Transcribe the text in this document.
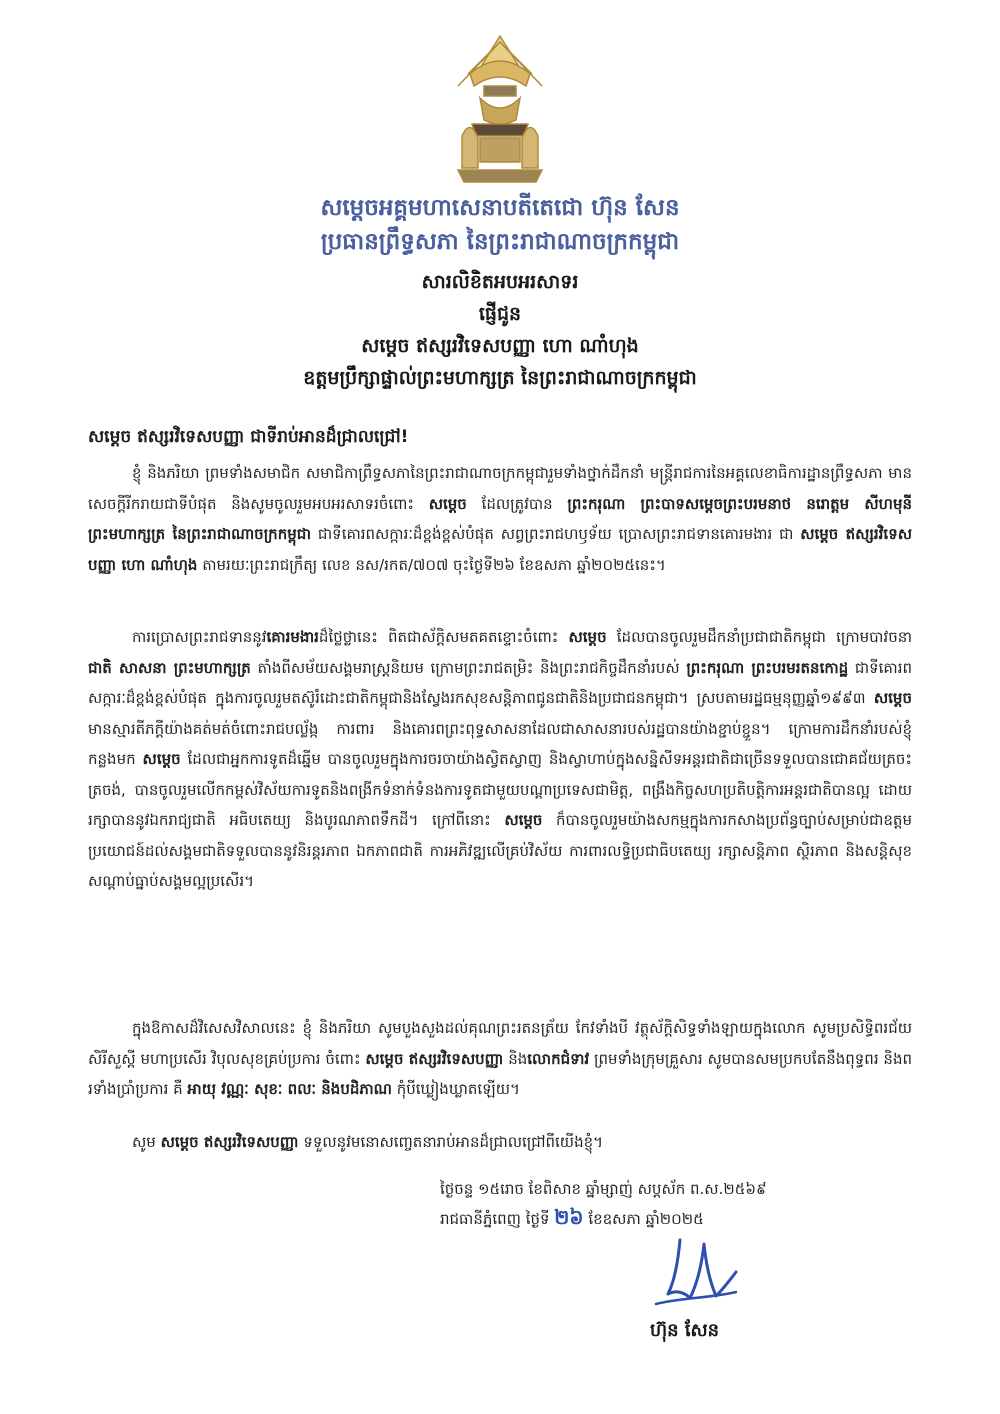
សម្ដេចអគ្គមហាសេនាបតីតេជោ ហ៊ុន សែន
ប្រធានព្រឹទ្ធសភា នៃព្រះរាជាណាចក្រកម្ពុជា
សារលិខិតអបអរសាទរ
ផ្ញើជូន
សម្ដេច ឥស្សរវិទេសបញ្ញា ហោ ណាំហុង
ឧត្តមប្រឹក្សាផ្ទាល់ព្រះមហាក្សត្រ នៃព្រះរាជាណាចក្រកម្ពុជា
សម្ដេច ឥស្សរវិទេសបញ្ញា ជាទីរាប់អានដ៏ជ្រាលជ្រៅ!
ខ្ញុំ និងភរិយា ព្រមទាំងសមាជិក សមាជិកាព្រឹទ្ធសភានៃព្រះរាជាណាចក្រកម្ពុជារួមទាំងថ្នាក់ដឹកនាំ មន្ត្រីរាជការនៃអគ្គលេខាធិការដ្ឋានព្រឹទ្ធសភា មានសេចក្ដីរីករាយជាទីបំផុត និងសូមចូលរួមអបអរសាទរចំពោះ សម្ដេច ដែលត្រូវបាន ព្រះករុណា ព្រះបាទសម្ដេចព្រះបរមនាថ នរោត្តម សីហមុនី ព្រះមហាក្សត្រ នៃព្រះរាជាណាចក្រកម្ពុជា ជាទីគោរពសក្ការៈដ៏ខ្ពង់ខ្ពស់បំផុត សព្វព្រះរាជហឫទ័យ ប្រោសព្រះរាជទានគោរមងារ ជា សម្ដេច ឥស្សរវិទេសបញ្ញា ហោ ណាំហុង តាមរយៈព្រះរាជក្រឹត្យ លេខ នស/រកត/៧០៧ ចុះថ្ងៃទី២៦ ខែឧសភា ឆ្នាំ២០២៥នេះ។
ការប្រោសព្រះរាជទាននូវគោរមងារដ៏ថ្លៃថ្លានេះ ពិតជាស័ក្តិសមតគតខ្ទោះចំពោះ សម្ដេច ដែលបានចូលរួមដឹកនាំប្រជាជាតិកម្ពុជា ក្រោមបាវចនា ជាតិ សាសនា ព្រះមហាក្សត្រ តាំងពីសម័យសង្គមរាស្ត្រនិយម ក្រោមព្រះរាជតម្រិះ និងព្រះរាជកិច្ចដឹកនាំរបស់ ព្រះករុណា ព្រះបរមរតនកោដ្ឋ ជាទីគោរពសក្ការៈដ៏ខ្ពង់ខ្ពស់បំផុត ក្នុងការចូលរួមតស៊ូរំដោះជាតិកម្ពុជានិងស្វែងរកសុខសន្តិភាពជូនជាតិនិងប្រជាជនកម្ពុជា។ ស្របតាមរដ្ឋធម្មនុញ្ញឆ្នាំ១៩៩៣ សម្ដេច មានស្មារតីភក្ដីយ៉ាងគត់មត់ចំពោះរាជបល្ល័ង្ក ការពារ និងគោរពព្រះពុទ្ធសាសនាដែលជាសាសនារបស់រដ្ឋបានយ៉ាងខ្ជាប់ខ្ជួន។ ក្រោមការដឹកនាំរបស់ខ្ញុំកន្លងមក សម្ដេច ដែលជាអ្នកការទូតដ៏ឆ្នើម បានចូលរួមក្នុងការចរចាយ៉ាងស្វិតស្វាញ និងស្វាហាប់ក្នុងសន្និសីទអន្តរជាតិជាច្រើនទទួលបានជោគជ័យត្រចះត្រចង់, បានចូលរួមលើកកម្ពស់វិស័យការទូតនិងពង្រីកទំនាក់ទំនងការទូតជាមួយបណ្ដាប្រទេសជាមិត្ត, ពង្រឹងកិច្ចសហប្រតិបត្តិការអន្តរជាតិបានល្អ ដោយរក្សាបាននូវឯករាជ្យជាតិ អធិបតេយ្យ និងបូរណភាពទឹកដី។ ក្រៅពីនោះ សម្ដេច ក៏បានចូលរួមយ៉ាងសកម្មក្នុងការកសាងប្រព័ន្ធច្បាប់សម្រាប់ជាឧត្តមប្រយោជន៍ដល់សង្គមជាតិទទួលបាននូវនិរន្តរភាព ឯកភាពជាតិ ការអភិវឌ្ឍលើគ្រប់វិស័យ ការពារលទ្ធិប្រជាធិបតេយ្យ រក្សាសន្តិភាព ស្ថិរភាព និងសន្តិសុខសណ្ដាប់ធ្នាប់សង្គមល្អប្រសើរ។
ក្នុងឱកាសដ៏វិសេសវិសាលនេះ ខ្ញុំ និងភរិយា សូមបួងសួងដល់គុណព្រះរតនត្រ័យ កែវទាំងបី វត្ថុស័ក្តិសិទ្ធទាំងឡាយក្នុងលោក សូមប្រសិទ្ធិពរជ័យ សិរីសួស្ដី មហាប្រសើរ វិបុលសុខគ្រប់ប្រការ ចំពោះ សម្ដេច ឥស្សរវិទេសបញ្ញា និងលោកជំទាវ ព្រមទាំងក្រុមគ្រួសារ សូមបានសមប្រកបតែនឹងពុទ្ធពរ និងពរទាំងប្រាំប្រការ គឺ អាយុ វណ្ណៈ សុខៈ ពលៈ និងបដិភាណ កុំបីឃ្លៀងឃ្លាតឡើយ។
សូម សម្ដេច ឥស្សរវិទេសបញ្ញា ទទួលនូវមនោសញ្ចេតនារាប់អានដ៏ជ្រាលជ្រៅពីយើងខ្ញុំ។
ថ្ងៃចន្ទ ១៥រោច ខែពិសាខ ឆ្នាំម្សាញ់ សប្តស័ក ព.ស.២៥៦៩
រាជធានីភ្នំពេញ ថ្ងៃទី ២៦ ខែឧសភា ឆ្នាំ២០២៥
ហ៊ុន សែន
